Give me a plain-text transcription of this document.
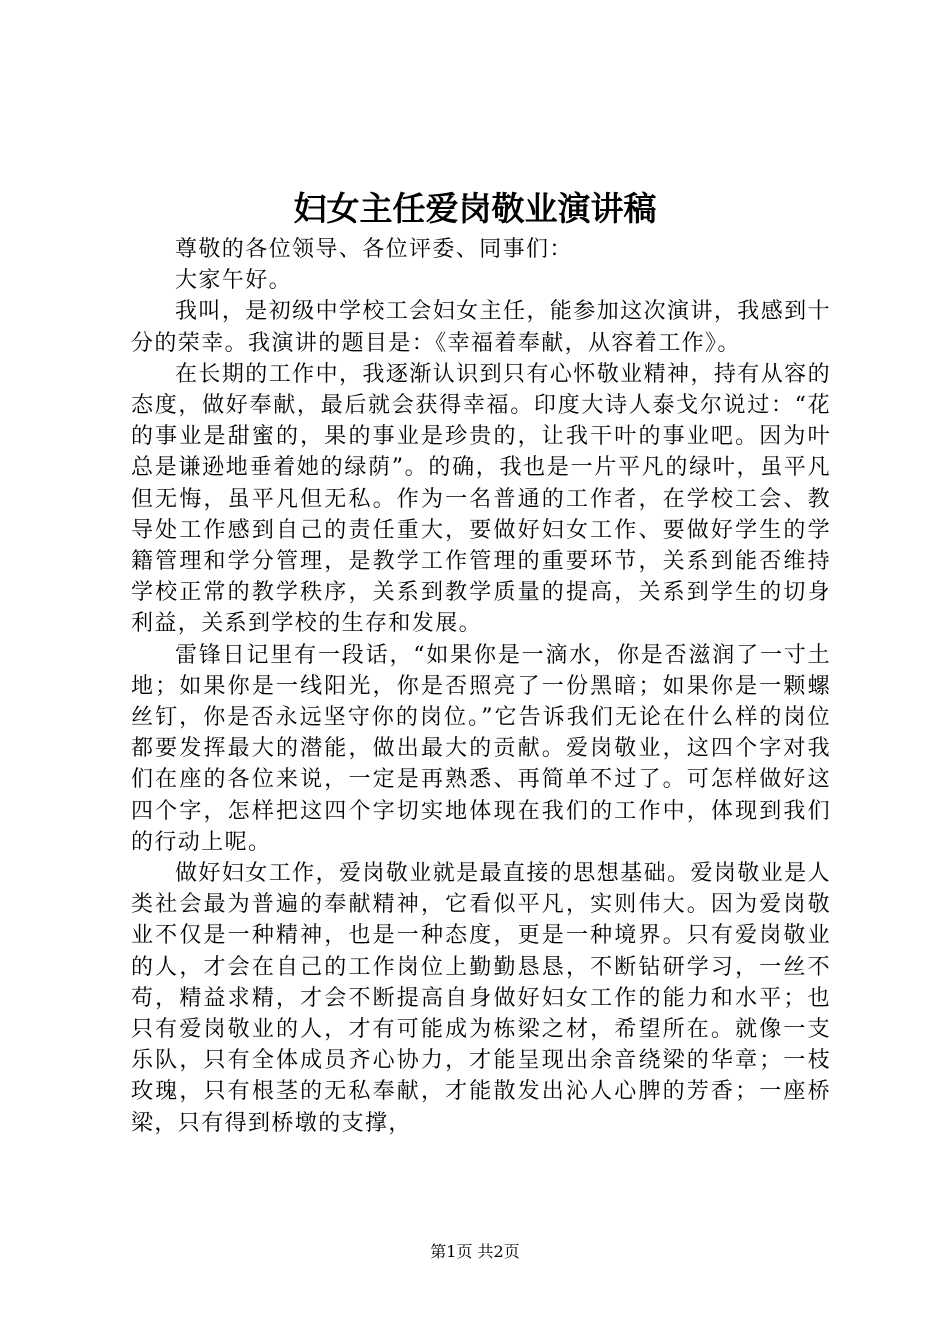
妇女主任爱岗敬业演讲稿

尊敬的各位领导、各位评委、同事们：

大家午好。

我叫，是初级中学校工会妇女主任，能参加这次演讲，我感到十分的荣幸。我演讲的题目是：《幸福着奉献，从容着工作》。

在长期的工作中，我逐渐认识到只有心怀敬业精神，持有从容的态度，做好奉献，最后就会获得幸福。印度大诗人泰戈尔说过：“花的事业是甜蜜的，果的事业是珍贵的，让我干叶的事业吧。因为叶总是谦逊地垂着她的绿荫”。的确，我也是一片平凡的绿叶，虽平凡但无悔，虽平凡但无私。作为一名普通的工作者，在学校工会、教导处工作感到自己的责任重大，要做好妇女工作、要做好学生的学籍管理和学分管理，是教学工作管理的重要环节，关系到能否维持学校正常的教学秩序，关系到教学质量的提高，关系到学生的切身利益，关系到学校的生存和发展。

雷锋日记里有一段话，“如果你是一滴水，你是否滋润了一寸土地；如果你是一线阳光，你是否照亮了一份黑暗；如果你是一颗螺丝钉，你是否永远坚守你的岗位。”它告诉我们无论在什么样的岗位都要发挥最大的潜能，做出最大的贡献。爱岗敬业，这四个字对我们在座的各位来说，一定是再熟悉、再简单不过了。可怎样做好这四个字，怎样把这四个字切实地体现在我们的工作中，体现到我们的行动上呢。

做好妇女工作，爱岗敬业就是最直接的思想基础。爱岗敬业是人类社会最为普遍的奉献精神，它看似平凡，实则伟大。因为爱岗敬业不仅是一种精神，也是一种态度，更是一种境界。只有爱岗敬业的人，才会在自己的工作岗位上勤勤恳恳，不断钻研学习，一丝不苟，精益求精，才会不断提高自身做好妇女工作的能力和水平；也只有爱岗敬业的人，才有可能成为栋梁之材，希望所在。就像一支乐队，只有全体成员齐心协力，才能呈现出余音绕梁的华章；一枝玫瑰，只有根茎的无私奉献，才能散发出沁人心脾的芳香；一座桥梁，只有得到桥墩的支撑，

第1页 共2页
